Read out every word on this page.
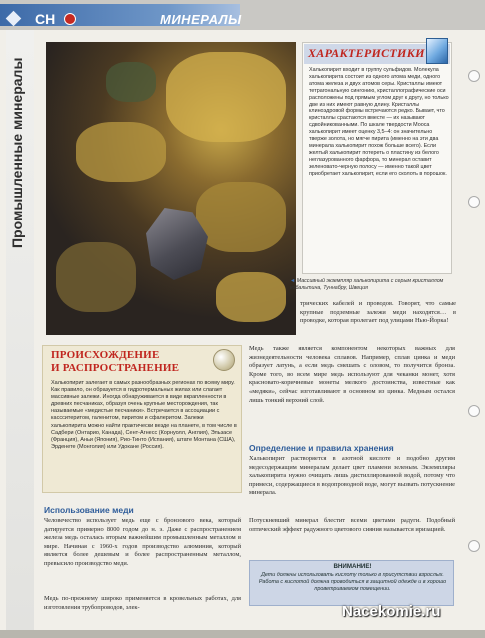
CH	МИНЕРАЛЫ
Промышленные минералы
ХАРАКТЕРИСТИКИ
Халькопирит входит в группу сульфидов. Молекула халькопирита состоит из одного атома меди, одного атома железа и двух атомов серы. Кристаллы имеют тетрагональную сингонию, кристаллографические оси расположены под прямым углом друг к другу, но только две из них имеют равную длину. Кристаллы клиноэдровой формы встречаются редко. Бывает, что кристаллы срастаются вместе — их называют сдвойникованными. По шкале твердости Мооса халькопирит имеет оценку 3,5–4: он значительно тверже золота, но мягче пирита (именно на эти два минерала халькопирит похож больше всего). Если желтый халькопирит потереть о пластину из белого неглазурованного фарфора, то минерал оставит зеленовато-черную полосу — именно такой цвет приобретает халькопирит, если его сколоть в порошок.
◄ Массивный экземпляр халькопирита с серым кристаллом кобальтина, Туннабру, Швеция
трических кабелей и проводов. Говорят, что самые крупные подземные залежи меди находятся… в проводке, которая пролегает под улицами Нью-Йорка!
Медь также является компонентом некоторых важных для жизнедеятельности человека сплавов. Например, сплав цинка и меди образует латунь, а если медь смешать с оловом, то получится бронза. Кроме того, во всем мире медь используют для чеканки монет, хотя красновато-коричневые монеты мелкого достоинства, известные как «медяки», сейчас изготавливают в основном из цинка. Медным остался лишь тонкий верхний слой.
Определение и правила хранения
Халькопирит растворяется в азотной кислоте и подобно другим медесодержащим минералам делает цвет пламени зеленым. Экземпляры халькопирита нужно очищать лишь дистиллированной водой, потому что примеси, содержащиеся в водопроводной воде, могут вызвать потускнение минерала.
Потускневший минерал блестит всеми цветами радуги. Подобный оптический эффект радужного цветового сияния называется иризацией.
ВНИМАНИЕ!
Дети должны использовать кислоту только в присутствии взрослых. Работа с кислотой должна проводиться в защитной одежде и в хорошо проветриваемом помещении.
ПРОИСХОЖДЕНИЕ
И РАСПРОСТРАНЕНИЕ
Халькопирит залегает в самых разнообразных регионах по всему миру. Как правило, он образуется в гидротермальных жилах или слагает массивные залежи. Иногда обнаруживается в виде вкрапленности в древних песчаниках, образуя очень крупные месторождения, так называемые «медистые песчаники». Встречается в ассоциации с кассситеритом, галенитом, пиритом и сфалеритом. Залежи халькопирита можно найти практически везде на планете, в том числе в Садбери (Онтарио, Канада), Сент-Агнесс (Корнуолл, Англия), Эльзасе (Франция), Аньи (Япония), Рио-Тинто (Испания), штате Монтана (США), Эрденете (Монголия) или Удокане (Россия).
Использование меди
Человечество использует медь еще с бронзового века, который датируется примерно 8000 годом до н. э. Даже с распространением железа медь осталась вторым важнейшим промышленным металлом в мире. Начиная с 1960-х годов производство алюминия, который является более дешевым и более распространенным металлом, превысило производство меди.
Медь по-прежнему широко применяется в кровельных работах, для изготовления трубопроводов, элек-	Nacekomie.ru
